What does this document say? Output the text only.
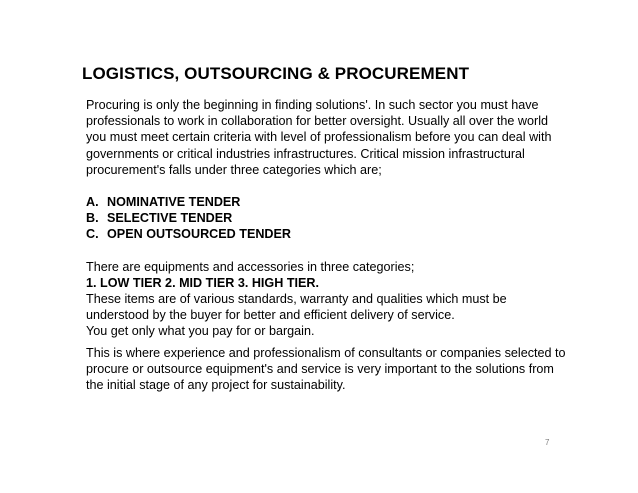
LOGISTICS, OUTSOURCING & PROCUREMENT

Procuring is only the beginning in finding solutions'. In such sector you must have professionals to work in collaboration for better oversight. Usually all over the world you must meet certain criteria with level of professionalism before you can deal with governments or critical industries infrastructures. Critical mission infrastructural procurement's falls under three categories which are;

A. NOMINATIVE TENDER
B. SELECTIVE TENDER
C. OPEN OUTSOURCED TENDER

There are equipments and accessories in three categories;

1. LOW TIER 2. MID TIER 3. HIGH TIER.

These items are of various standards, warranty and qualities which must be understood by the buyer for better and efficient delivery of service.

You get only what you pay for or bargain.

This is where experience and professionalism of consultants or companies selected to procure or outsource equipment's and service is very important to the solutions from the initial stage of any project for sustainability.

7
